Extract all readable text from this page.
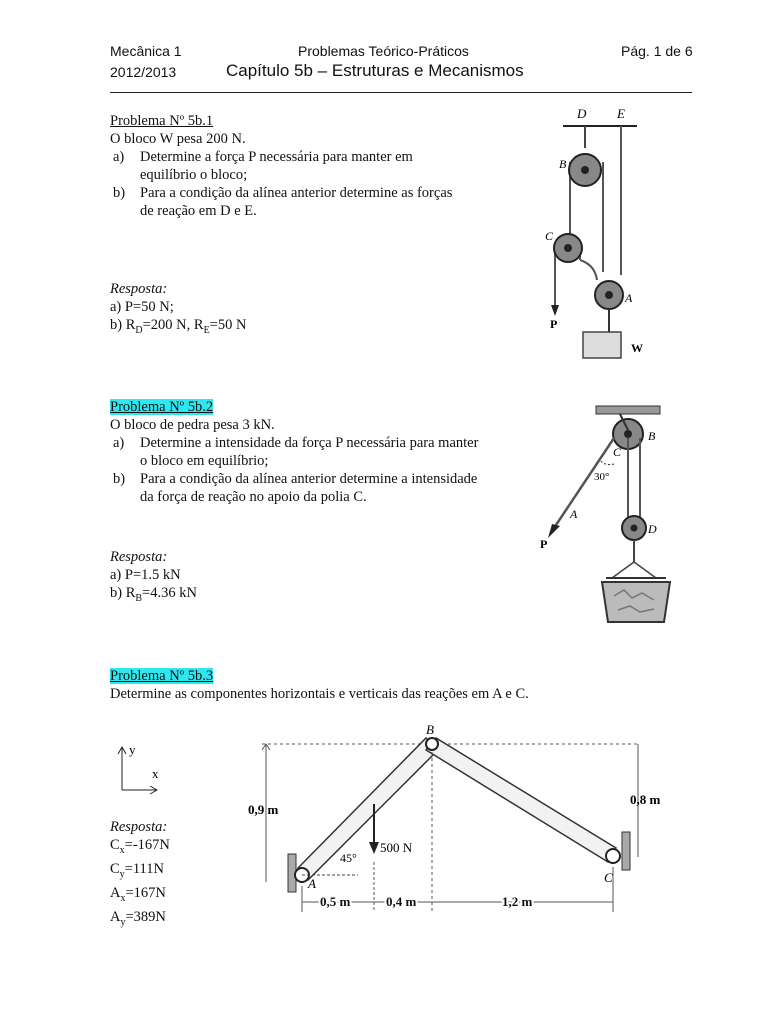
Mecânica 1
2012/2013
Problemas Teórico-Práticos
Capítulo 5b – Estruturas e Mecanismos
Pág. 1 de 6
Problema Nº 5b.1
O bloco W pesa 200 N.
a)	Determine a força P necessária para manter em
equilíbrio o bloco;
b)	Para a condição da alínea anterior determine as forças
de reação em D e E.
Resposta:
a) P=50 N;
b) $R_D=200$ N, $R_E=50$ N
D E
B
C
A
W
P
Problema Nº 5b.2
O bloco de pedra pesa 3 kN.
a)	Determine a intensidade da força P necessária para manter
o bloco em equilíbrio;
b)	Para a condição da alínea anterior determine a intensidade
da força de reação no apoio da polia C.
Resposta:
a) P=1.5 kN
b) $R_B=4.36$ kN
B
C
30°
A
P
D
Problema Nº 5b.3
Determine as componentes horizontais e verticais das reações em A e C.
y
x
Resposta:
$C_x=-167N$
$C_y=111N$
$A_x=167N$
$A_y=389N$
0,9 m
0,8 m
B
A	C
500 N
45°
0,5 m	0,4 m	1,2 m
